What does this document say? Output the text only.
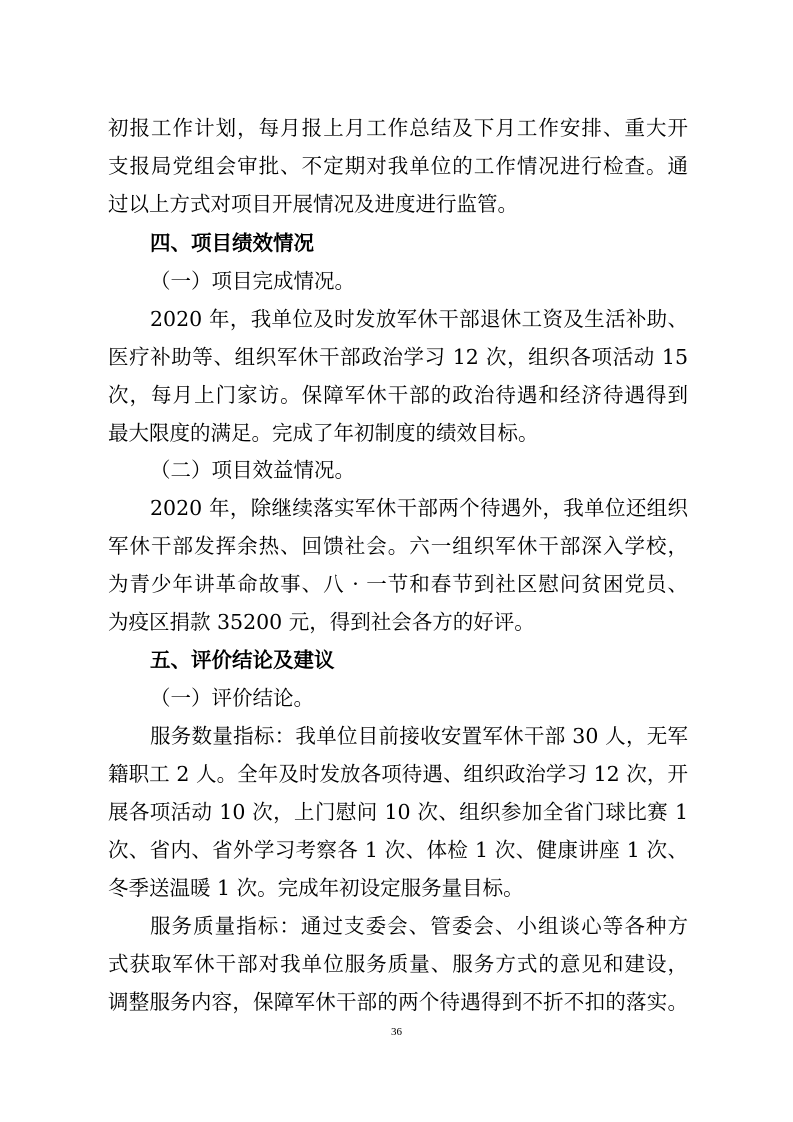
初报工作计划，每月报上月工作总结及下月工作安排、重大开
支报局党组会审批、不定期对我单位的工作情况进行检查。通
过以上方式对项目开展情况及进度进行监管。
四、项目绩效情况
（一）项目完成情况。
2020 年，我单位及时发放军休干部退休工资及生活补助、
医疗补助等、组织军休干部政治学习 12 次，组织各项活动 15
次，每月上门家访。保障军休干部的政治待遇和经济待遇得到
最大限度的满足。完成了年初制度的绩效目标。
（二）项目效益情况。
2020 年，除继续落实军休干部两个待遇外，我单位还组织
军休干部发挥余热、回馈社会。六一组织军休干部深入学校，
为青少年讲革命故事、八 · 一节和春节到社区慰问贫困党员、
为疫区捐款 35200 元，得到社会各方的好评。
五、评价结论及建议
（一）评价结论。
服务数量指标：我单位目前接收安置军休干部 30 人，无军
籍职工 2 人。全年及时发放各项待遇、组织政治学习 12 次，开
展各项活动 10 次，上门慰问 10 次、组织参加全省门球比赛 1
次、省内、省外学习考察各 1 次、体检 1 次、健康讲座 1 次、
冬季送温暖 1 次。完成年初设定服务量目标。
服务质量指标：通过支委会、管委会、小组谈心等各种方
式获取军休干部对我单位服务质量、服务方式的意见和建设，
调整服务内容，保障军休干部的两个待遇得到不折不扣的落实。
36
